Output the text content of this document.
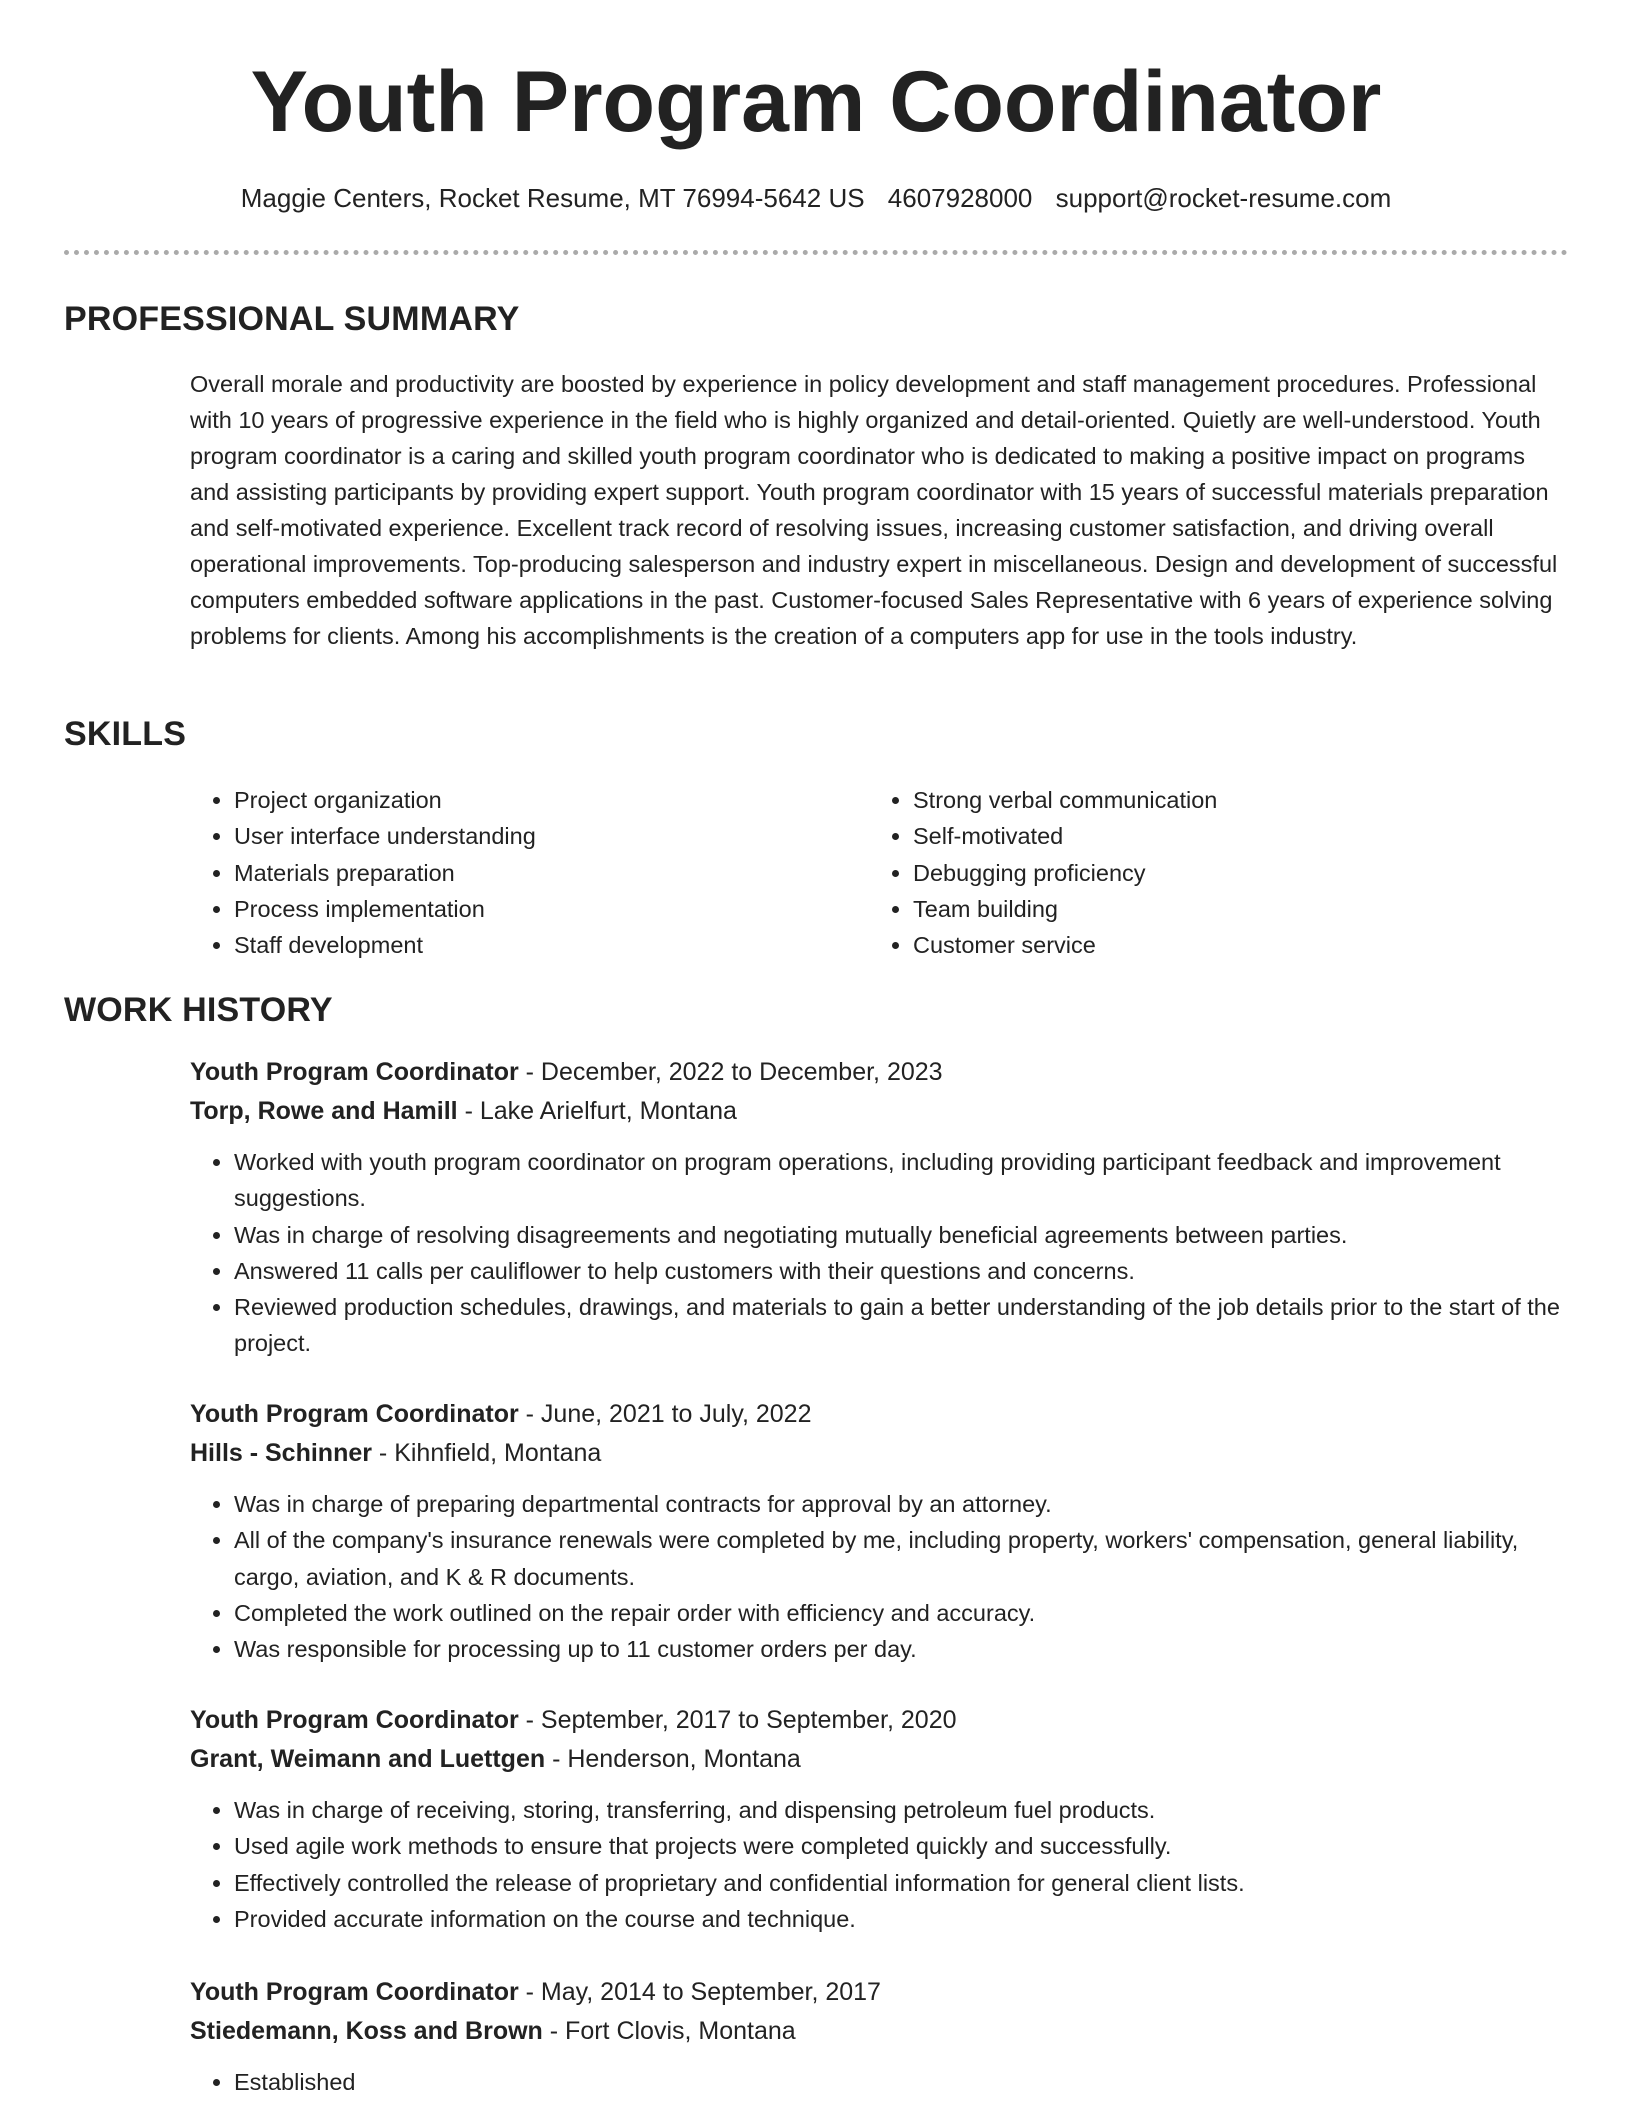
Youth Program Coordinator
Maggie Centers, Rocket Resume, MT 76994-5642 US 4607928000 support@rocket-resume.com
PROFESSIONAL SUMMARY

Overall morale and productivity are boosted by experience in policy development and staff management procedures. Professional with 10 years of progressive experience in the field who is highly organized and detail-oriented. Quietly are well-understood. Youth program coordinator is a caring and skilled youth program coordinator who is dedicated to making a positive impact on programs and assisting participants by providing expert support. Youth program coordinator with 15 years of successful materials preparation and self-motivated experience. Excellent track record of resolving issues, increasing customer satisfaction, and driving overall operational improvements. Top-producing salesperson and industry expert in miscellaneous. Design and development of successful computers embedded software applications in the past. Customer-focused Sales Representative with 6 years of experience solving problems for clients. Among his accomplishments is the creation of a computers app for use in the tools industry.

SKILLS
• Project organization
• User interface understanding
• Materials preparation
• Process implementation
• Staff development
• Strong verbal communication
• Self-motivated
• Debugging proficiency
• Team building
• Customer service
WORK HISTORY

Youth Program Coordinator - December, 2022 to December, 2023

Torp, Rowe and Hamill - Lake Arielfurt, Montana

• Worked with youth program coordinator on program operations, including providing participant feedback and improvement suggestions.
• Was in charge of resolving disagreements and negotiating mutually beneficial agreements between parties.
• Answered 11 calls per cauliflower to help customers with their questions and concerns.
• Reviewed production schedules, drawings, and materials to gain a better understanding of the job details prior to the start of the project.

Youth Program Coordinator - June, 2021 to July, 2022

Hills - Schinner - Kihnfield, Montana

• Was in charge of preparing departmental contracts for approval by an attorney.
• All of the company's insurance renewals were completed by me, including property, workers' compensation, general liability, cargo, aviation, and K & R documents.
• Completed the work outlined on the repair order with efficiency and accuracy.
• Was responsible for processing up to 11 customer orders per day.

Youth Program Coordinator - September, 2017 to September, 2020

Grant, Weimann and Luettgen - Henderson, Montana

• Was in charge of receiving, storing, transferring, and dispensing petroleum fuel products.
• Used agile work methods to ensure that projects were completed quickly and successfully.
• Effectively controlled the release of proprietary and confidential information for general client lists.
• Provided accurate information on the course and technique.

Youth Program Coordinator - May, 2014 to September, 2017

Stiedemann, Koss and Brown - Fort Clovis, Montana

• Established
